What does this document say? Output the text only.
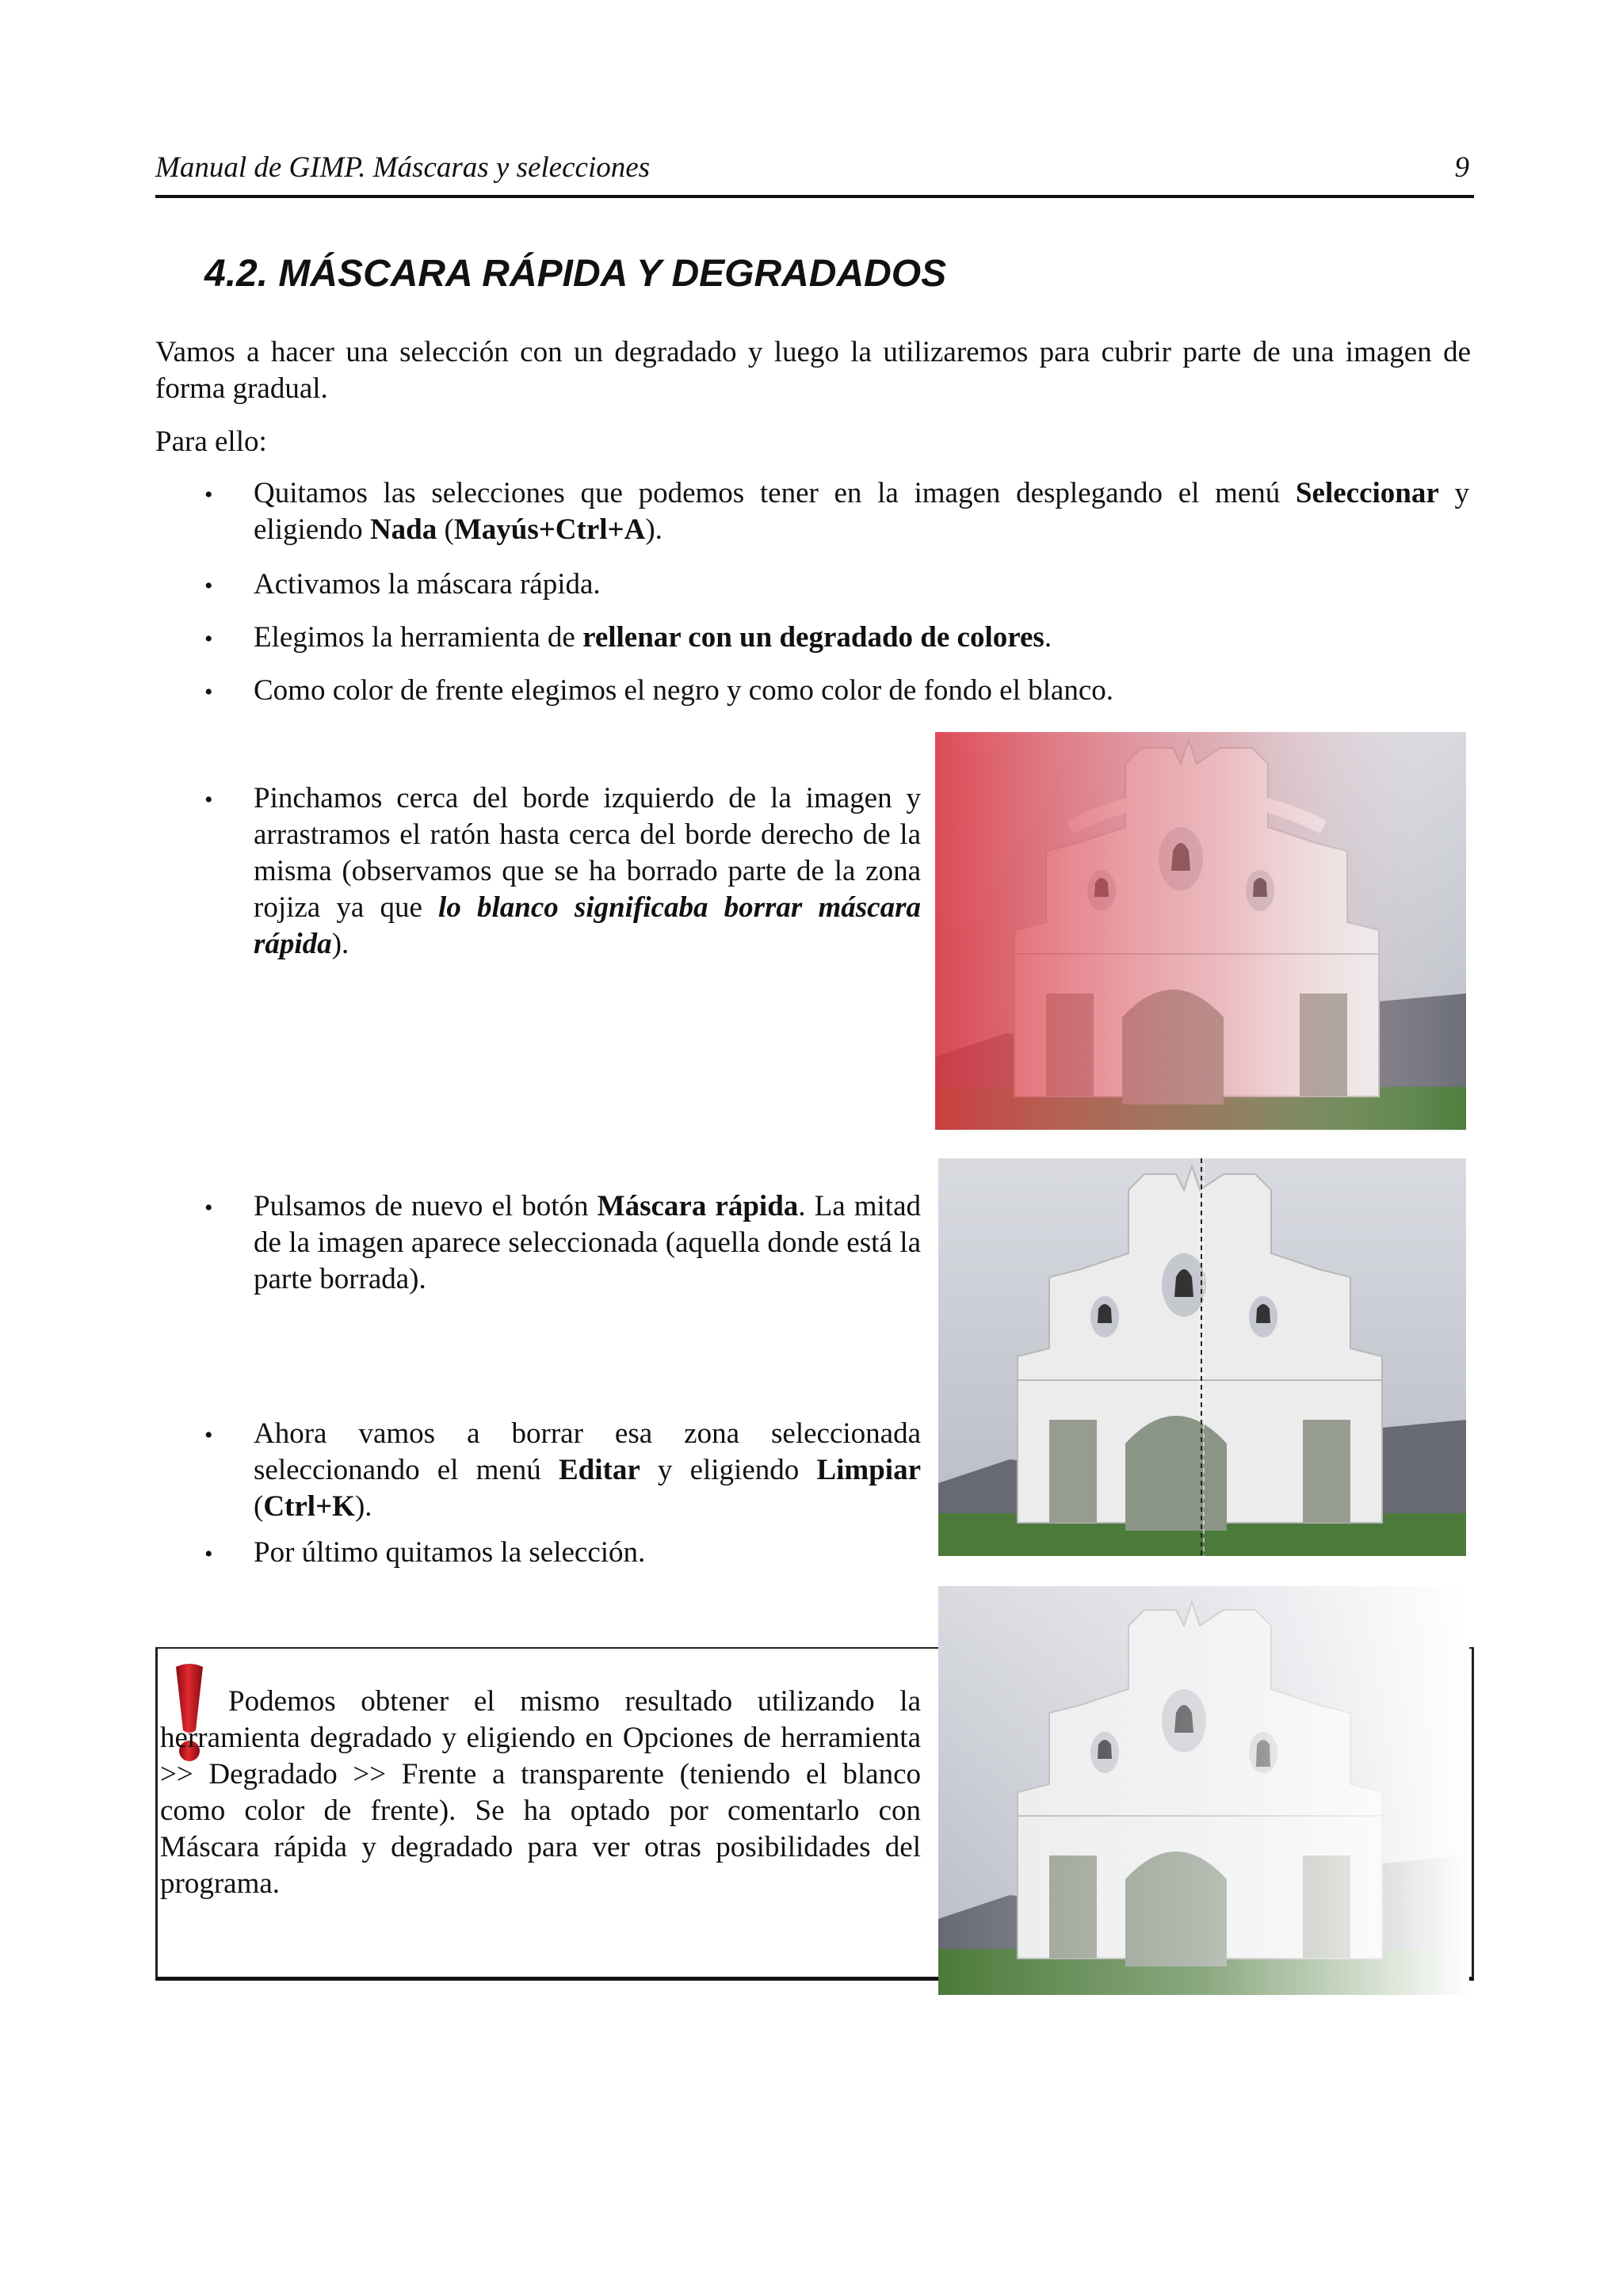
Manual de GIMP. Máscaras y selecciones	9
4.2. MÁSCARA RÁPIDA Y DEGRADADOS
Vamos a hacer una selección con un degradado y luego la utilizaremos para cubrir parte de una imagen de forma gradual.
Para ello:
• Quitamos las selecciones que podemos tener en la imagen desplegando el menú Seleccionar y eligiendo Nada (Mayús+Ctrl+A).
• Activamos la máscara rápida.
• Elegimos la herramienta de rellenar con un degradado de colores.
• Como color de frente elegimos el negro y como color de fondo el blanco.
• Pinchamos cerca del borde izquierdo de la imagen y arrastramos el ratón hasta cerca del borde derecho de la misma (observamos que se ha borrado parte de la zona rojiza ya que lo blanco significaba borrar máscara rápida).
• Pulsamos de nuevo el botón Máscara rápida. La mitad de la imagen aparece seleccionada (aquella donde está la parte borrada).
• Ahora vamos a borrar esa zona seleccionada seleccionando el menú Editar y eligiendo Limpiar (Ctrl+K).
• Por último quitamos la selección.
Podemos obtener el mismo resultado utilizando la herramienta degradado y eligiendo en Opciones de herramienta >> Degradado >> Frente a transparente (teniendo el blanco como color de frente). Se ha optado por comentarlo con Máscara rápida y degradado para ver otras posibilidades del programa.
